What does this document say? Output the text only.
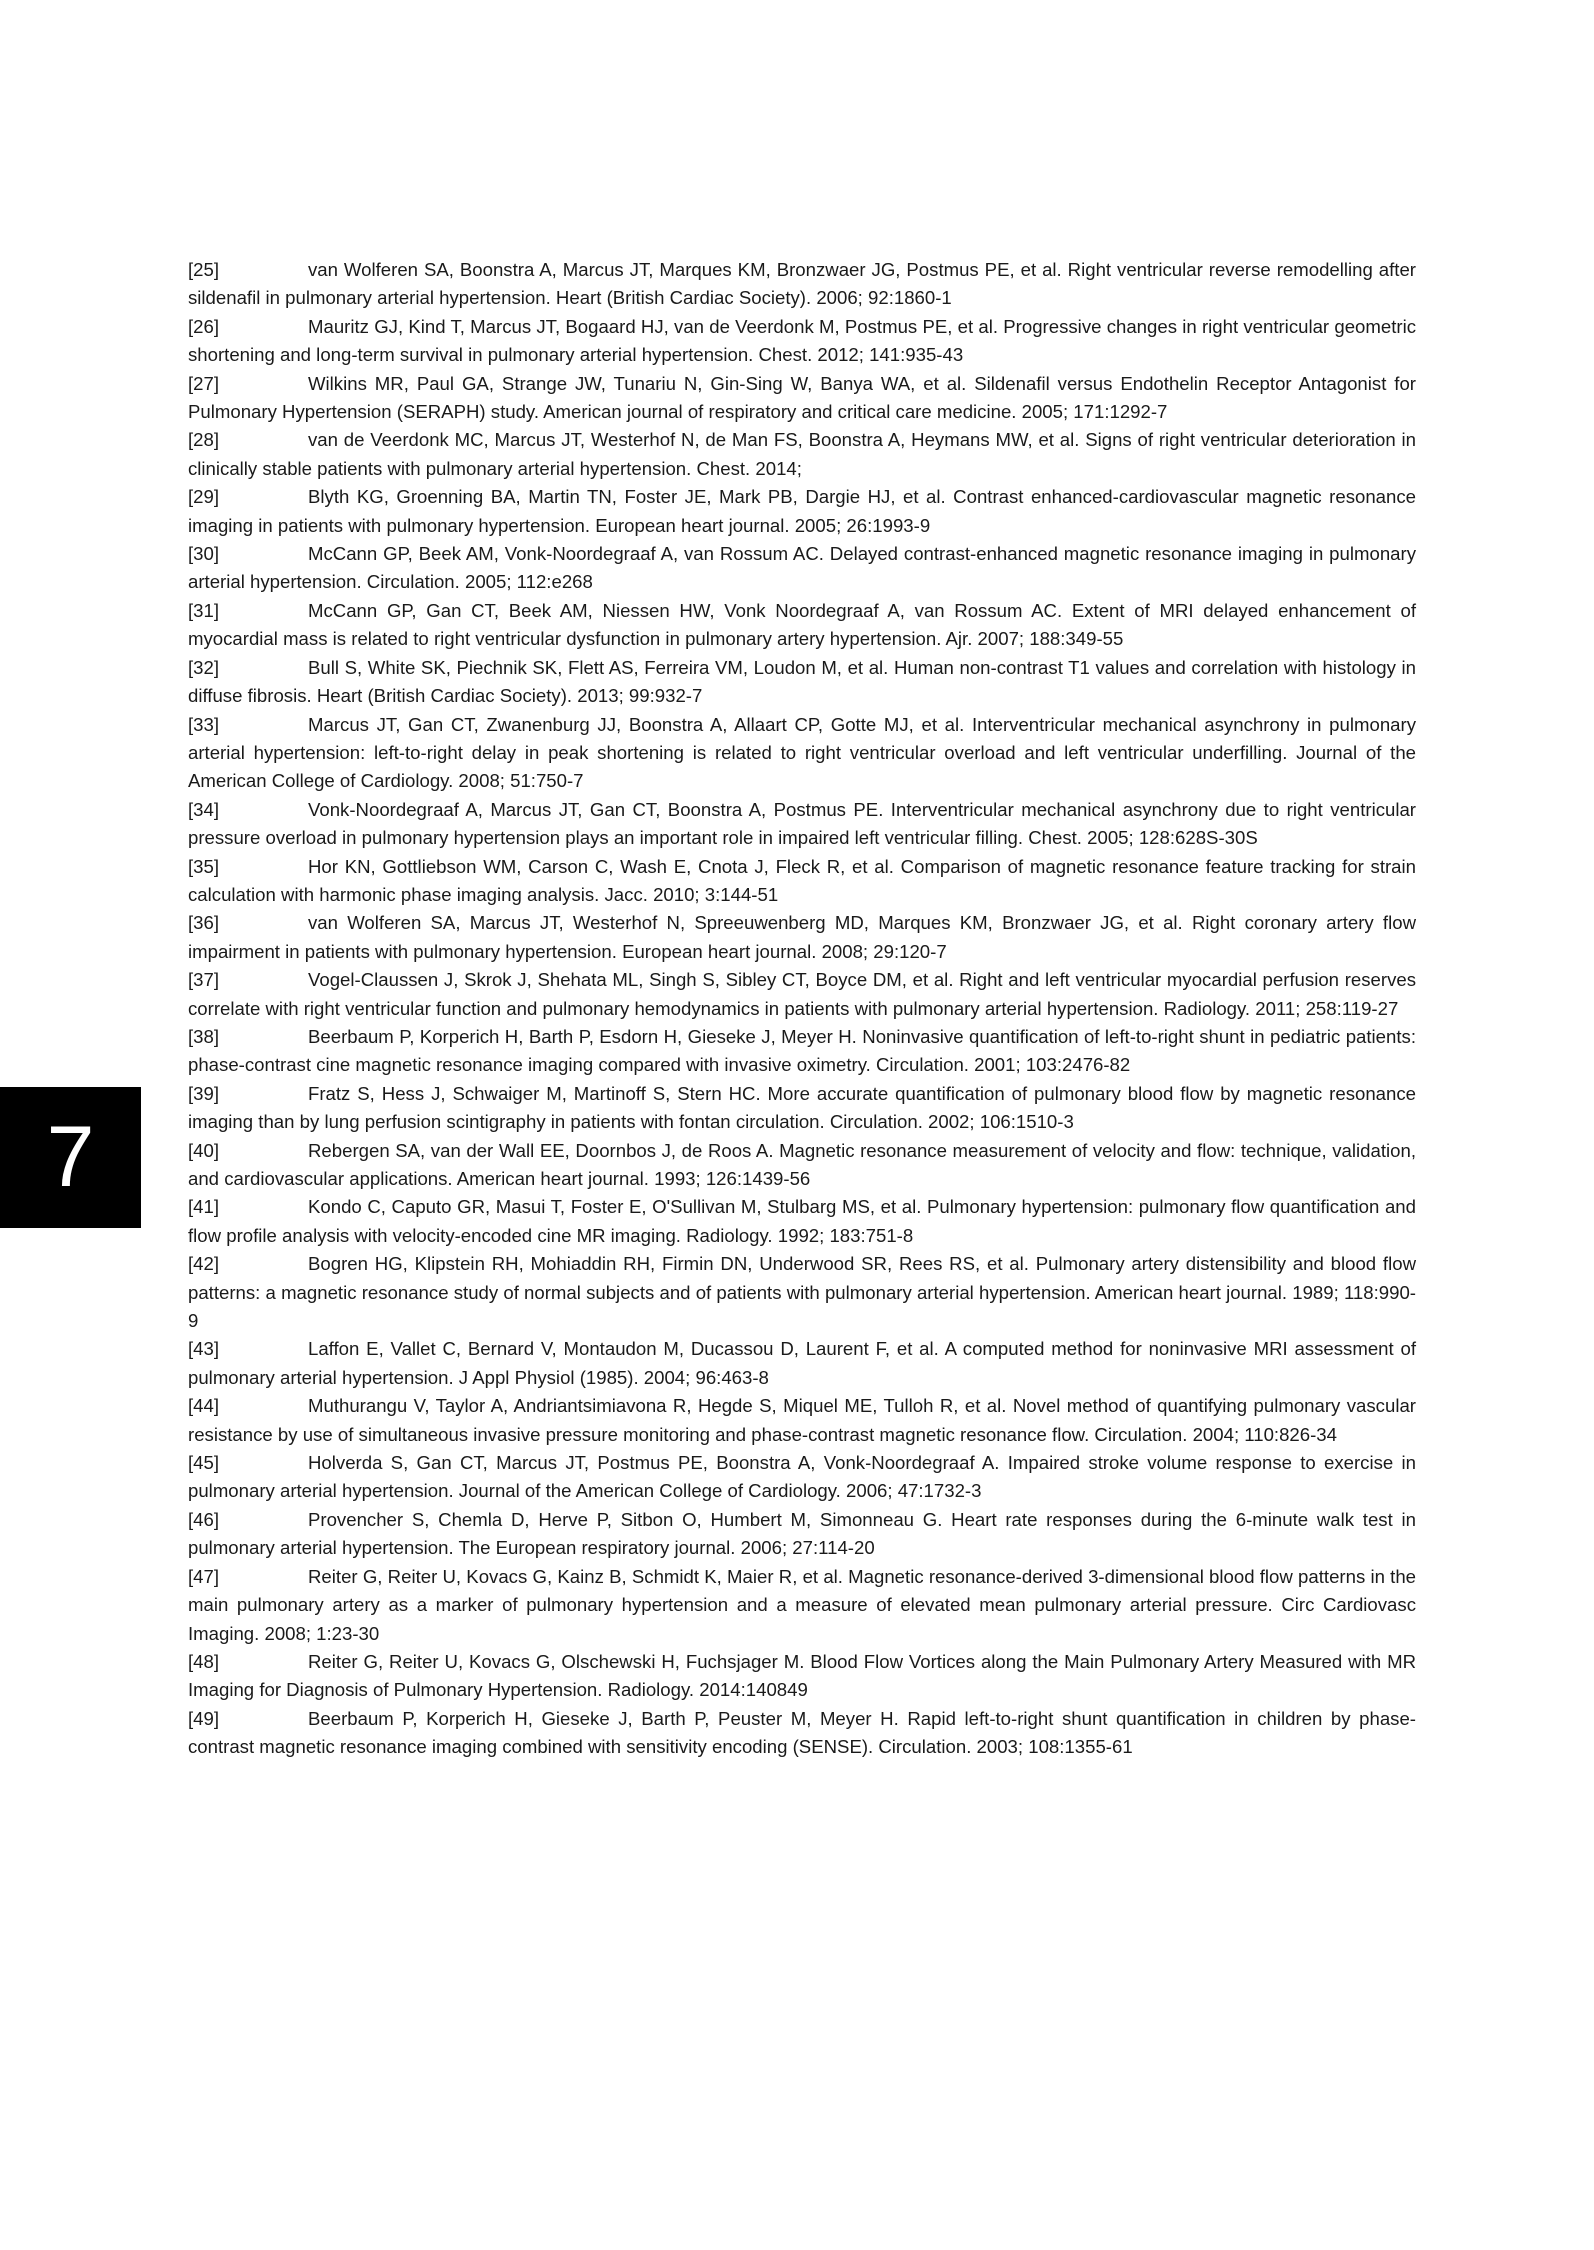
7

[25]	van Wolferen SA, Boonstra A, Marcus JT, Marques KM, Bronzwaer JG, Postmus PE, et al. Right ventricular reverse remodelling after sildenafil in pulmonary arterial hypertension. Heart (British Cardiac Society). 2006; 92:1860-1

[26]	Mauritz GJ, Kind T, Marcus JT, Bogaard HJ, van de Veerdonk M, Postmus PE, et al. Progressive changes in right ventricular geometric shortening and long-term survival in pulmonary arterial hypertension. Chest. 2012; 141:935-43

[27]	Wilkins MR, Paul GA, Strange JW, Tunariu N, Gin-Sing W, Banya WA, et al. Sildenafil versus Endothelin Receptor Antagonist for Pulmonary Hypertension (SERAPH) study. American journal of respiratory and critical care medicine. 2005; 171:1292-7

[28]	van de Veerdonk MC, Marcus JT, Westerhof N, de Man FS, Boonstra A, Heymans MW, et al. Signs of right ventricular deterioration in clinically stable patients with pulmonary arterial hypertension. Chest. 2014;

[29]	Blyth KG, Groenning BA, Martin TN, Foster JE, Mark PB, Dargie HJ, et al. Contrast enhanced-cardiovascular magnetic resonance imaging in patients with pulmonary hypertension. European heart journal. 2005; 26:1993-9

[30]	McCann GP, Beek AM, Vonk-Noordegraaf A, van Rossum AC. Delayed contrast-enhanced magnetic resonance imaging in pulmonary arterial hypertension. Circulation. 2005; 112:e268

[31]	McCann GP, Gan CT, Beek AM, Niessen HW, Vonk Noordegraaf A, van Rossum AC. Extent of MRI delayed enhancement of myocardial mass is related to right ventricular dysfunction in pulmonary artery hypertension. Ajr. 2007; 188:349-55

[32]	Bull S, White SK, Piechnik SK, Flett AS, Ferreira VM, Loudon M, et al. Human non-contrast T1 values and correlation with histology in diffuse fibrosis. Heart (British Cardiac Society). 2013; 99:932-7

[33]	Marcus JT, Gan CT, Zwanenburg JJ, Boonstra A, Allaart CP, Gotte MJ, et al. Interventricular mechanical asynchrony in pulmonary arterial hypertension: left-to-right delay in peak shortening is related to right ventricular overload and left ventricular underfilling. Journal of the American College of Cardiology. 2008; 51:750-7

[34]	Vonk-Noordegraaf A, Marcus JT, Gan CT, Boonstra A, Postmus PE. Interventricular mechanical asynchrony due to right ventricular pressure overload in pulmonary hypertension plays an important role in impaired left ventricular filling. Chest. 2005; 128:628S-30S

[35]	Hor KN, Gottliebson WM, Carson C, Wash E, Cnota J, Fleck R, et al. Comparison of magnetic resonance feature tracking for strain calculation with harmonic phase imaging analysis. Jacc. 2010; 3:144-51

[36]	van Wolferen SA, Marcus JT, Westerhof N, Spreeuwenberg MD, Marques KM, Bronzwaer JG, et al. Right coronary artery flow impairment in patients with pulmonary hypertension. European heart journal. 2008; 29:120-7

[37]	Vogel-Claussen J, Skrok J, Shehata ML, Singh S, Sibley CT, Boyce DM, et al. Right and left ventricular myocardial perfusion reserves correlate with right ventricular function and pulmonary hemodynamics in patients with pulmonary arterial hypertension. Radiology. 2011; 258:119-27

[38]	Beerbaum P, Korperich H, Barth P, Esdorn H, Gieseke J, Meyer H. Noninvasive quantification of left-to-right shunt in pediatric patients: phase-contrast cine magnetic resonance imaging compared with invasive oximetry. Circulation. 2001; 103:2476-82

[39]	Fratz S, Hess J, Schwaiger M, Martinoff S, Stern HC. More accurate quantification of pulmonary blood flow by magnetic resonance imaging than by lung perfusion scintigraphy in patients with fontan circulation. Circulation. 2002; 106:1510-3

[40]	Rebergen SA, van der Wall EE, Doornbos J, de Roos A. Magnetic resonance measurement of velocity and flow: technique, validation, and cardiovascular applications. American heart journal. 1993; 126:1439-56

[41]	Kondo C, Caputo GR, Masui T, Foster E, O'Sullivan M, Stulbarg MS, et al. Pulmonary hypertension: pulmonary flow quantification and flow profile analysis with velocity-encoded cine MR imaging. Radiology. 1992; 183:751-8

[42]	Bogren HG, Klipstein RH, Mohiaddin RH, Firmin DN, Underwood SR, Rees RS, et al. Pulmonary artery distensibility and blood flow patterns: a magnetic resonance study of normal subjects and of patients with pulmonary arterial hypertension. American heart journal. 1989; 118:990-9

[43]	Laffon E, Vallet C, Bernard V, Montaudon M, Ducassou D, Laurent F, et al. A computed method for noninvasive MRI assessment of pulmonary arterial hypertension. J Appl Physiol (1985). 2004; 96:463-8

[44]	Muthurangu V, Taylor A, Andriantsimiavona R, Hegde S, Miquel ME, Tulloh R, et al. Novel method of quantifying pulmonary vascular resistance by use of simultaneous invasive pressure monitoring and phase-contrast magnetic resonance flow. Circulation. 2004; 110:826-34

[45]	Holverda S, Gan CT, Marcus JT, Postmus PE, Boonstra A, Vonk-Noordegraaf A. Impaired stroke volume response to exercise in pulmonary arterial hypertension. Journal of the American College of Cardiology. 2006; 47:1732-3

[46]	Provencher S, Chemla D, Herve P, Sitbon O, Humbert M, Simonneau G. Heart rate responses during the 6-minute walk test in pulmonary arterial hypertension. The European respiratory journal. 2006; 27:114-20

[47]	Reiter G, Reiter U, Kovacs G, Kainz B, Schmidt K, Maier R, et al. Magnetic resonance-derived 3-dimensional blood flow patterns in the main pulmonary artery as a marker of pulmonary hypertension and a measure of elevated mean pulmonary arterial pressure. Circ Cardiovasc Imaging. 2008; 1:23-30

[48]	Reiter G, Reiter U, Kovacs G, Olschewski H, Fuchsjager M. Blood Flow Vortices along the Main Pulmonary Artery Measured with MR Imaging for Diagnosis of Pulmonary Hypertension. Radiology. 2014:140849

[49]	Beerbaum P, Korperich H, Gieseke J, Barth P, Peuster M, Meyer H. Rapid left-to-right shunt quantification in children by phase-contrast magnetic resonance imaging combined with sensitivity encoding (SENSE). Circulation. 2003; 108:1355-61
